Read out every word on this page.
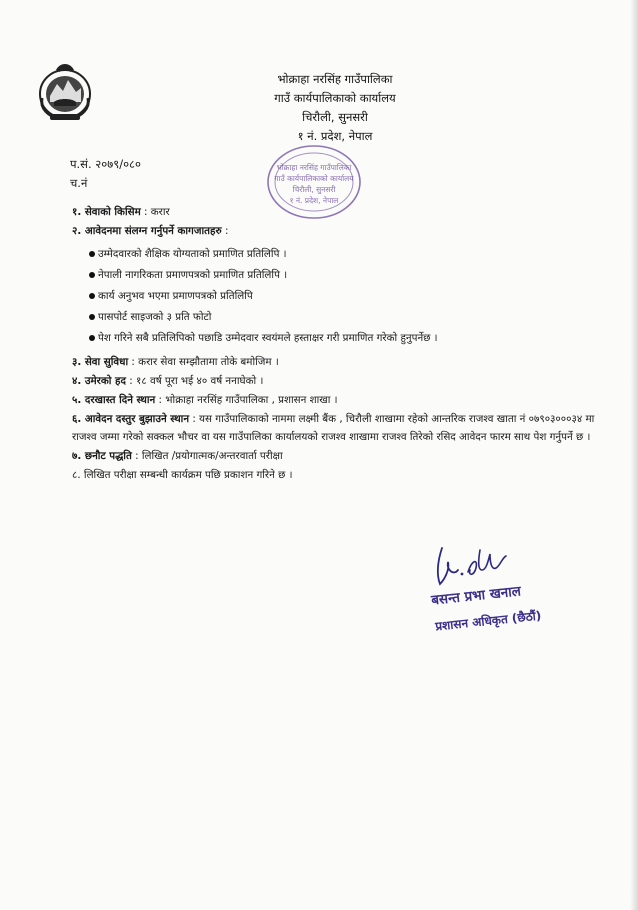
भोक्राहा नरसिंह गाउँपालिका
गाउँ कार्यपालिकाको कार्यालय
चिरौली, सुनसरी
१ नं. प्रदेश, नेपाल
भोक्राहा नरसिंह गाउँपालिका
गाउँ कार्यपालिकाको कार्यालय
चिरौली, सुनसरी
१ नं. प्रदेश, नेपाल
प.सं. २०७९/०८०
च.नं
१. सेवाको किसिम : करार
२. आवेदनमा संलग्न गर्नुपर्ने कागजातहरु :
उम्मेदवारको शैक्षिक योग्यताको प्रमाणित प्रतिलिपि ।
नेपाली नागरिकता प्रमाणपत्रको प्रमाणित प्रतिलिपि ।
कार्य अनुभव भएमा प्रमाणपत्रको प्रतिलिपि
पासपोर्ट साइजको ३ प्रति फोटो
पेश गरिने सबै प्रतिलिपिको पछाडि उम्मेदवार स्वयंमले हस्ताक्षर गरी प्रमाणित गरेको हुनुपर्नेछ ।
३. सेवा सुविधा : करार सेवा सम्झौतामा तोके बमोजिम ।
४. उमेरको हद : १८ वर्ष पूरा भई ४० वर्ष ननाघेको ।
५. दरखास्त दिने स्थान : भोक्राहा नरसिंह गाउँपालिका , प्रशासन शाखा ।
६. आवेदन दस्तुर बुझाउने स्थान : यस गाउँपालिकाको नाममा लक्ष्मी बैंक , चिरौली शाखामा रहेको आन्तरिक राजश्व खाता नं ०७९०३०००३४ मा राजश्व जम्मा गरेको सक्कल भौचर वा यस गाउँपालिका कार्यालयको राजश्व शाखामा राजश्व तिरेको रसिद आवेदन फारम साथ पेश गर्नुपर्ने छ ।
७. छनौट पद्धति : लिखित /प्रयोगात्मक/अन्तरवार्ता परीक्षा
८. लिखित परीक्षा सम्बन्धी कार्यक्रम पछि प्रकाशन गरिने छ ।
बसन्त प्रभा खनाल
प्रशासन अधिकृत (छैठौं)
